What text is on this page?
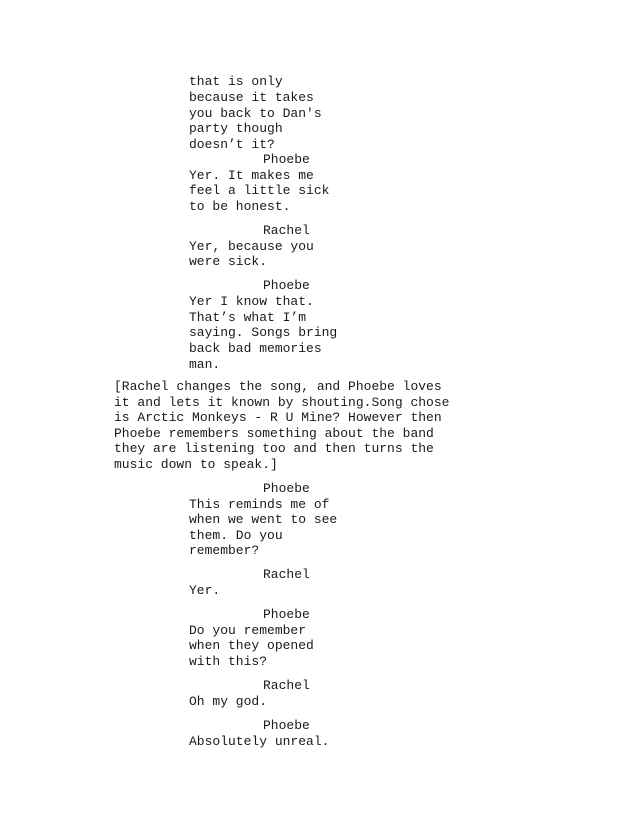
that is only
because it takes
you back to Dan's
party though
doesn’t it?
Phoebe
Yer. It makes me
feel a little sick
to be honest.
Rachel
Yer, because you
were sick.
Phoebe
Yer I know that.
That’s what I’m
saying. Songs bring
back bad memories
man.
[Rachel changes the song, and Phoebe loves
it and lets it known by shouting.Song chose
is Arctic Monkeys - R U Mine? However then
Phoebe remembers something about the band
they are listening too and then turns the
music down to speak.]
Phoebe
This reminds me of
when we went to see
them. Do you
remember?
Rachel
Yer.
Phoebe
Do you remember
when they opened
with this?
Rachel
Oh my god.
Phoebe
Absolutely unreal.
